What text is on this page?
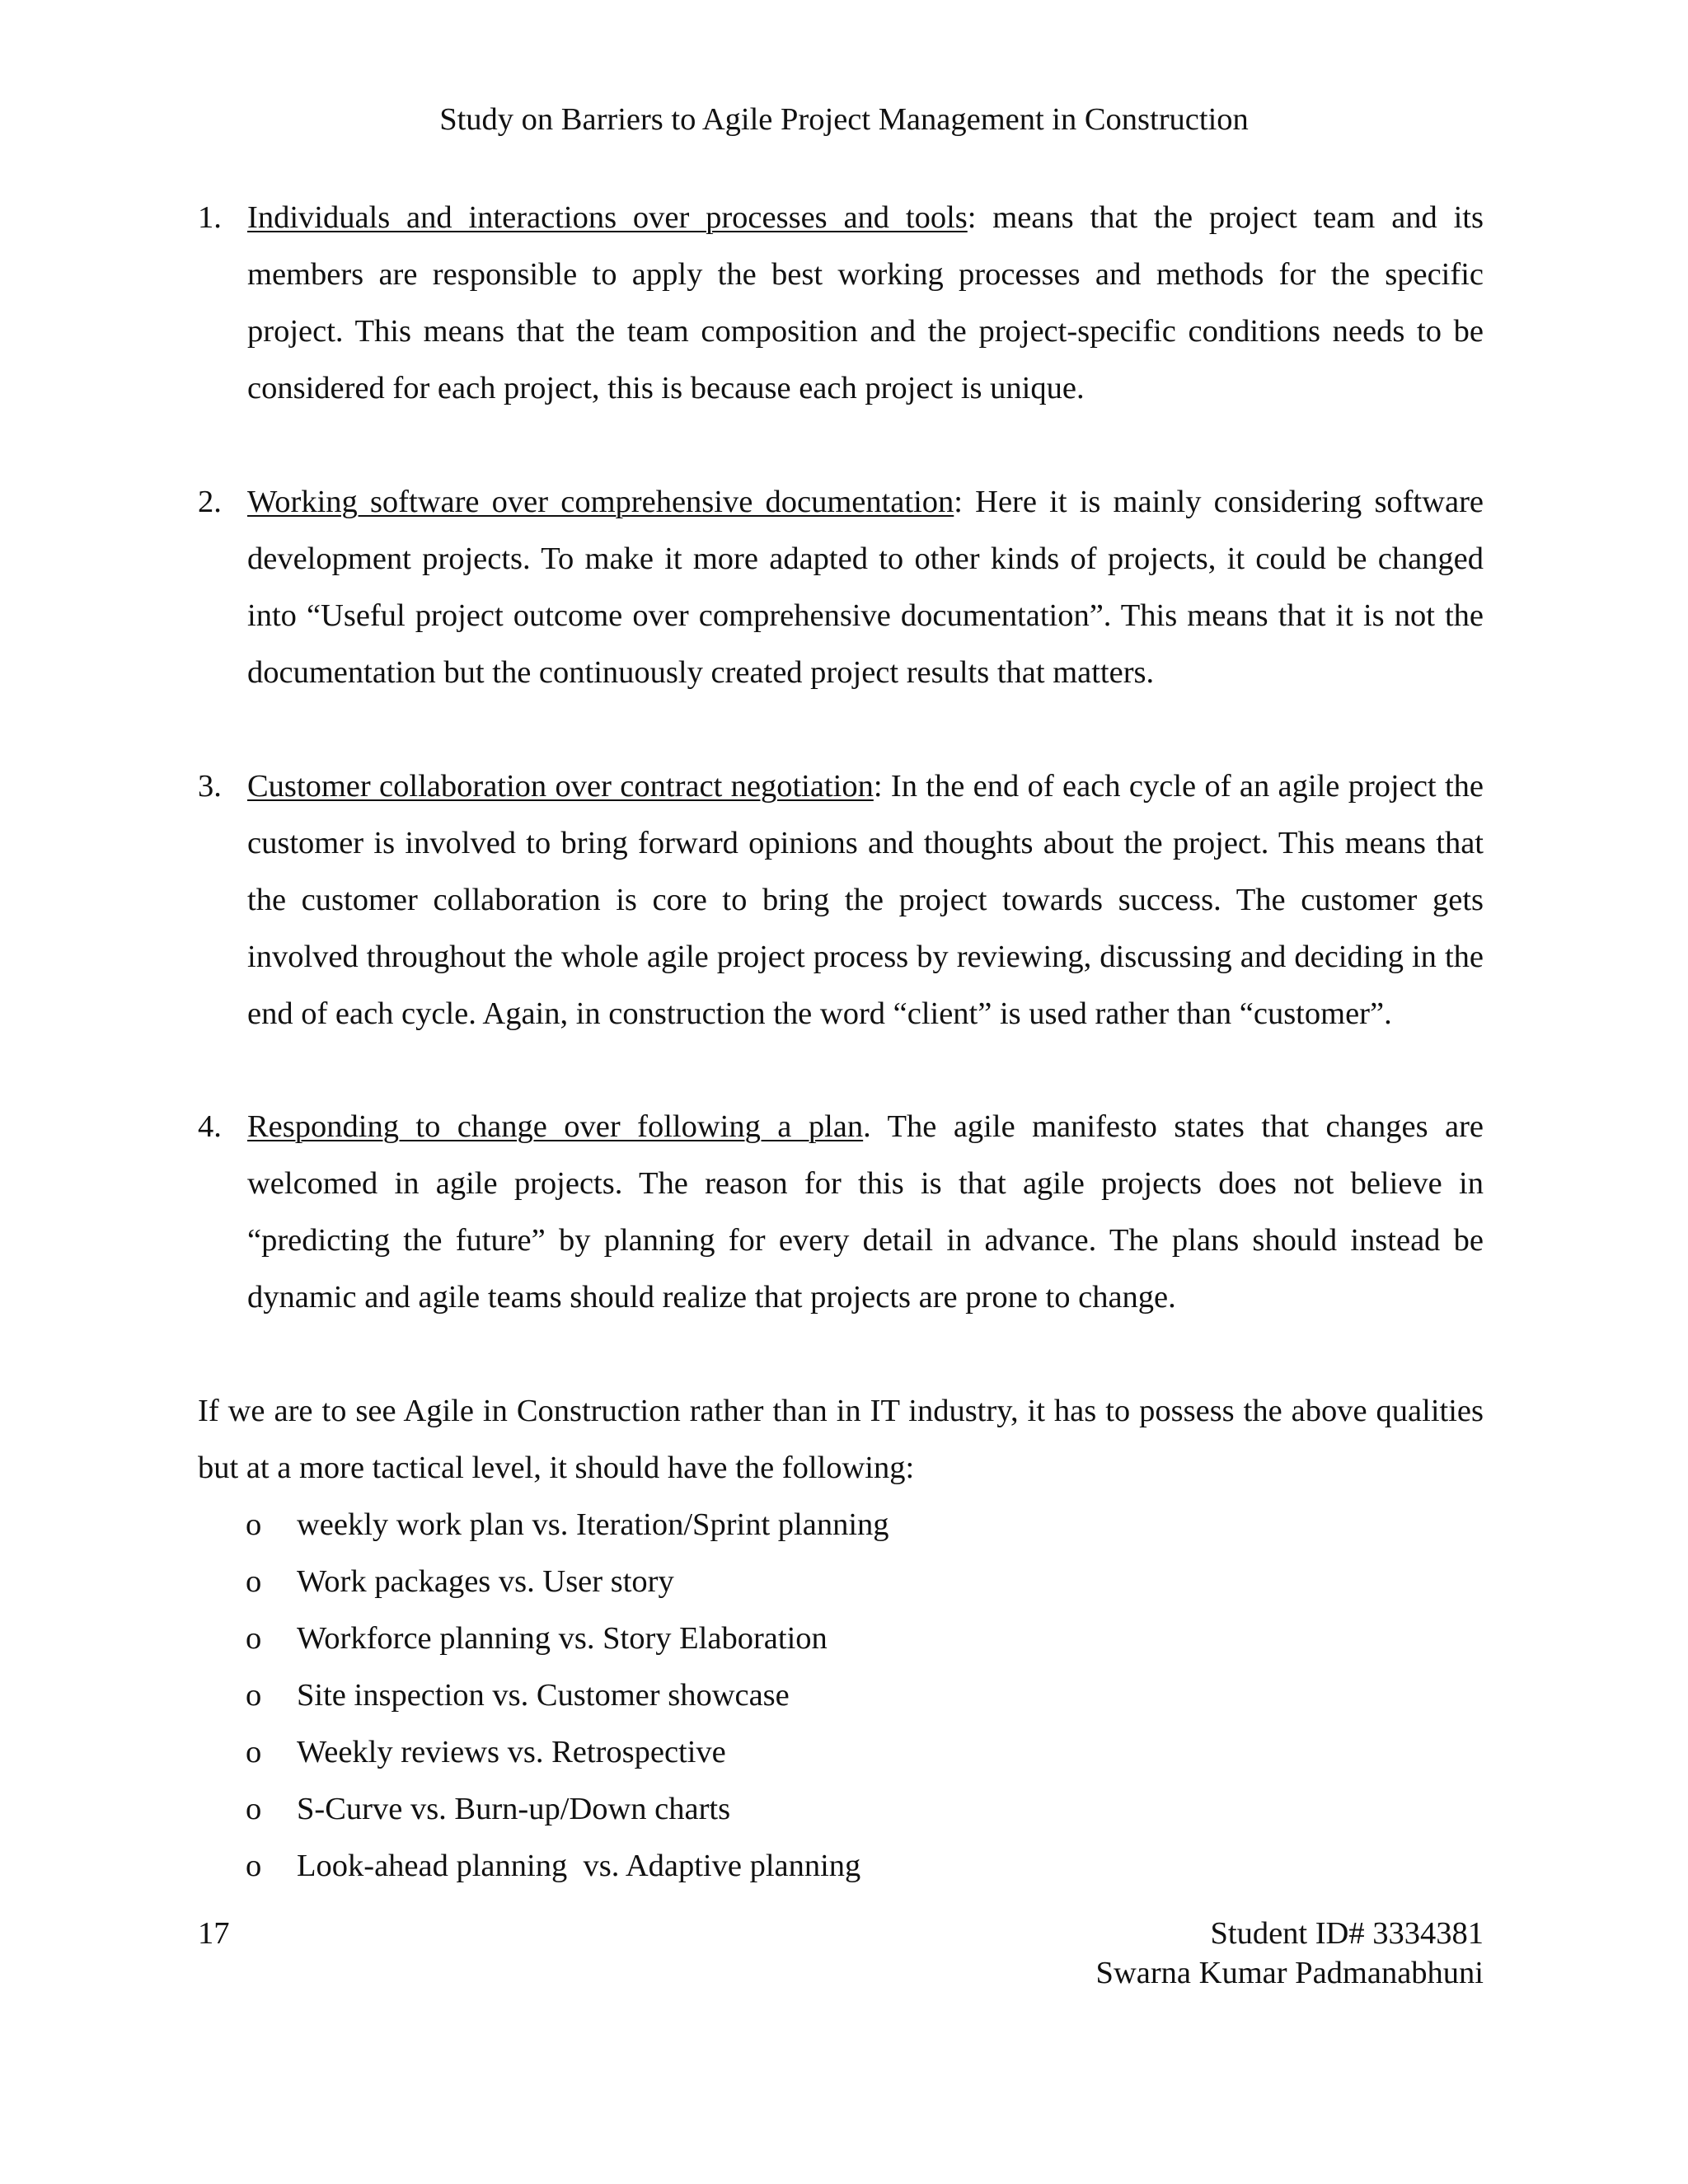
Study on Barriers to Agile Project Management in Construction
1. Individuals and interactions over processes and tools: means that the project team and its members are responsible to apply the best working processes and methods for the specific project. This means that the team composition and the project-specific conditions needs to be considered for each project, this is because each project is unique.
2. Working software over comprehensive documentation: Here it is mainly considering software development projects. To make it more adapted to other kinds of projects, it could be changed into “Useful project outcome over comprehensive documentation”. This means that it is not the documentation but the continuously created project results that matters.
3. Customer collaboration over contract negotiation: In the end of each cycle of an agile project the customer is involved to bring forward opinions and thoughts about the project. This means that the customer collaboration is core to bring the project towards success. The customer gets involved throughout the whole agile project process by reviewing, discussing and deciding in the end of each cycle. Again, in construction the word “client” is used rather than “customer”.
4. Responding to change over following a plan. The agile manifesto states that changes are welcomed in agile projects. The reason for this is that agile projects does not believe in “predicting the future” by planning for every detail in advance. The plans should instead be dynamic and agile teams should realize that projects are prone to change.
If we are to see Agile in Construction rather than in IT industry, it has to possess the above qualities but at a more tactical level, it should have the following:
o weekly work plan vs. Iteration/Sprint planning
o Work packages vs. User story
o Workforce planning vs. Story Elaboration
o Site inspection vs. Customer showcase
o Weekly reviews vs. Retrospective
o S-Curve vs. Burn-up/Down charts
o Look-ahead planning  vs. Adaptive planning
17	Student ID# 3334381
Swarna Kumar Padmanabhuni
